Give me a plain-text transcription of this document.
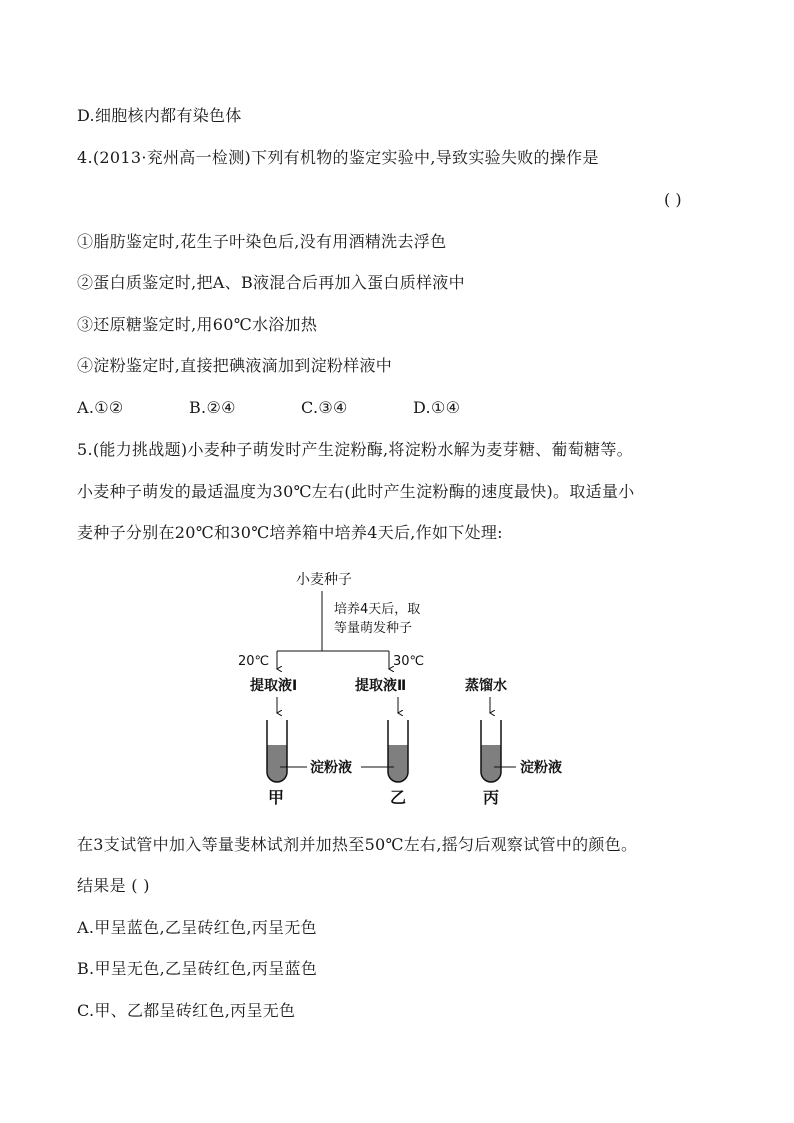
D.细胞核内都有染色体
4.(2013·兖州高一检测)下列有机物的鉴定实验中,导致实验失败的操作是
( )
①脂肪鉴定时,花生子叶染色后,没有用酒精洗去浮色
②蛋白质鉴定时,把A、B液混合后再加入蛋白质样液中
③还原糖鉴定时,用60℃水浴加热
④淀粉鉴定时,直接把碘液滴加到淀粉样液中
A.①②	B.②④	C.③④	D.①④
5.(能力挑战题)小麦种子萌发时产生淀粉酶,将淀粉水解为麦芽糖、葡萄糖等。
小麦种子萌发的最适温度为30℃左右(此时产生淀粉酶的速度最快)。取适量小
麦种子分别在20℃和30℃培养箱中培养4天后,作如下处理:
小麦种子
培养4天后，取
等量萌发种子
20℃	30℃
提取液Ⅰ	提取液Ⅱ	蒸馏水
淀粉液	淀粉液
甲	乙	丙
在3支试管中加入等量斐林试剂并加热至50℃左右,摇匀后观察试管中的颜色。
结果是 ( )
A.甲呈蓝色,乙呈砖红色,丙呈无色
B.甲呈无色,乙呈砖红色,丙呈蓝色
C.甲、乙都呈砖红色,丙呈无色
